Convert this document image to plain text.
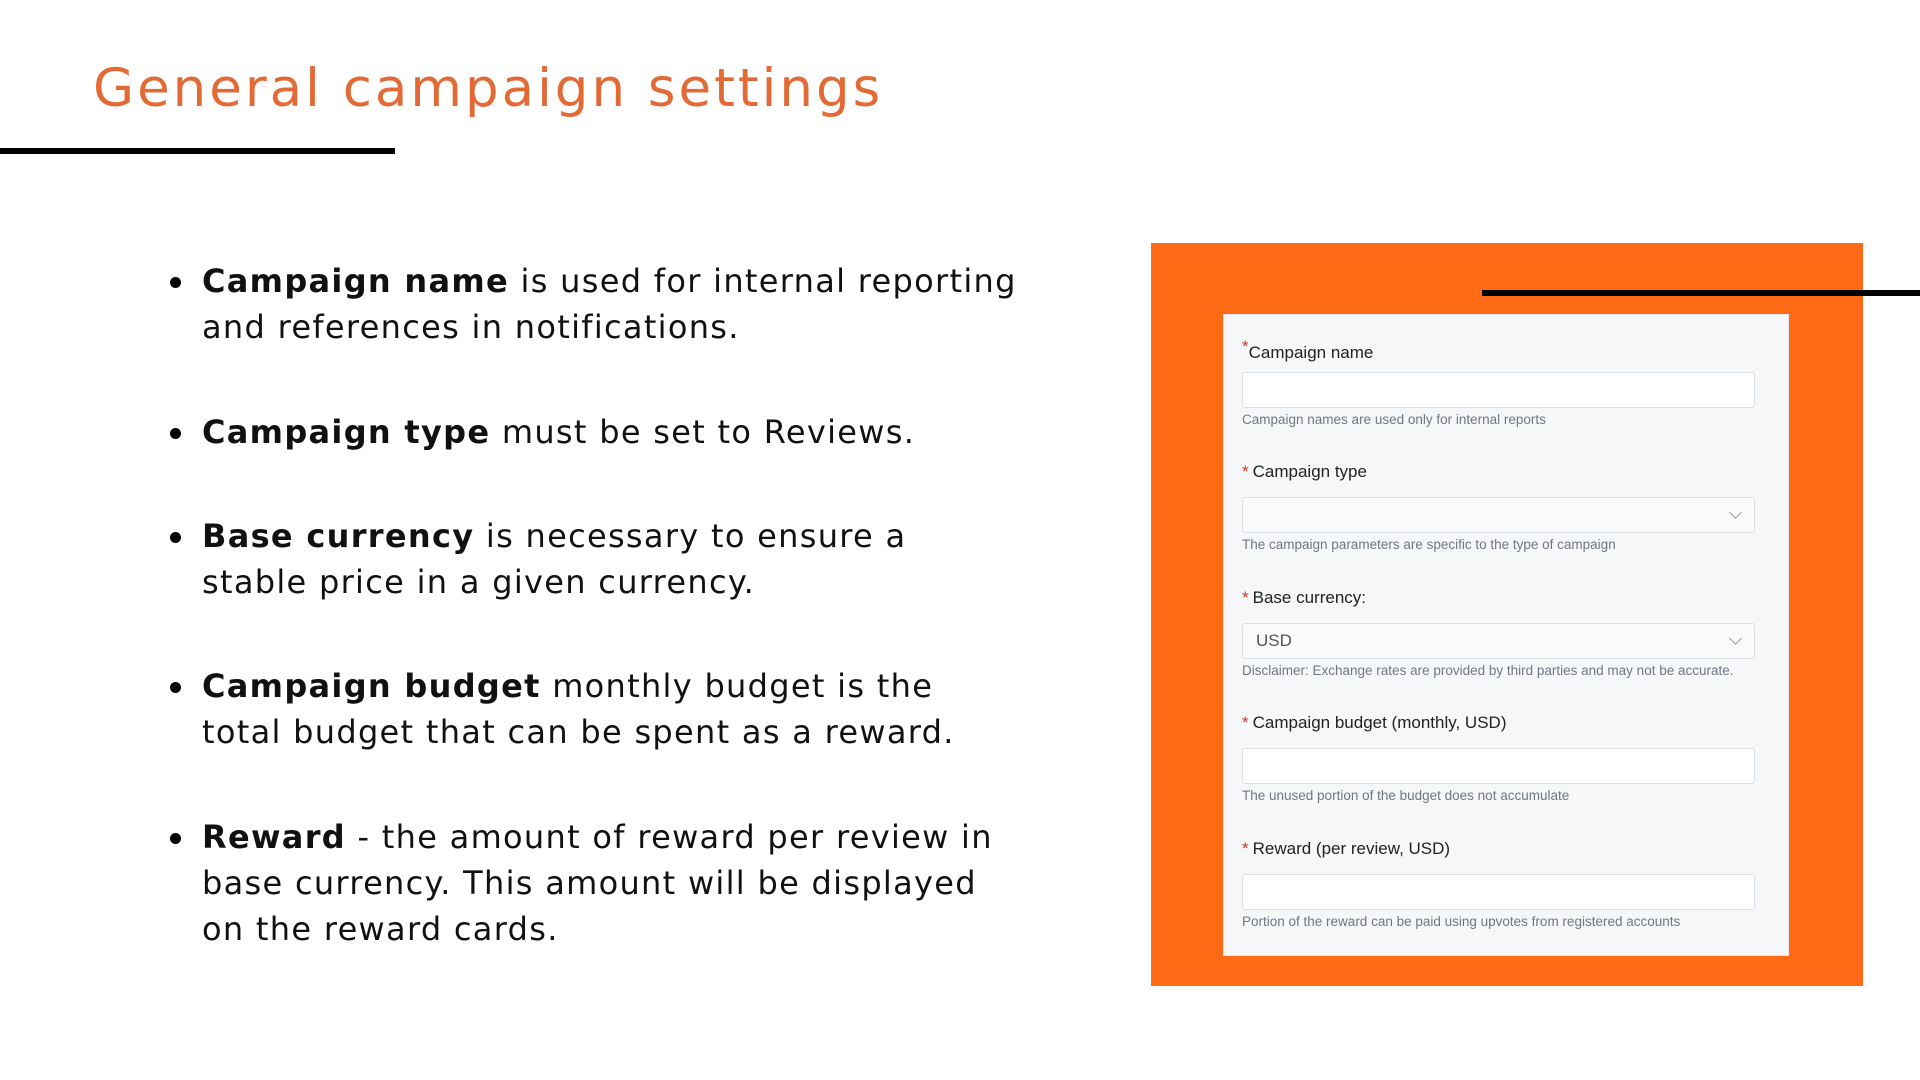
General campaign settings
Campaign name is used for internal reporting and references in notifications.
Campaign type must be set to Reviews.
Base currency is necessary to ensure a stable price in a given currency.
Campaign budget monthly budget is the total budget that can be spent as a reward.
Reward - the amount of reward per review in base currency. This amount will be displayed on the reward cards.
*Campaign name
Campaign names are used only for internal reports
* Campaign type
The campaign parameters are specific to the type of campaign
* Base currency:
USD
Disclaimer: Exchange rates are provided by third parties and may not be accurate.
* Campaign budget (monthly, USD)
The unused portion of the budget does not accumulate
* Reward (per review, USD)
Portion of the reward can be paid using upvotes from registered accounts
